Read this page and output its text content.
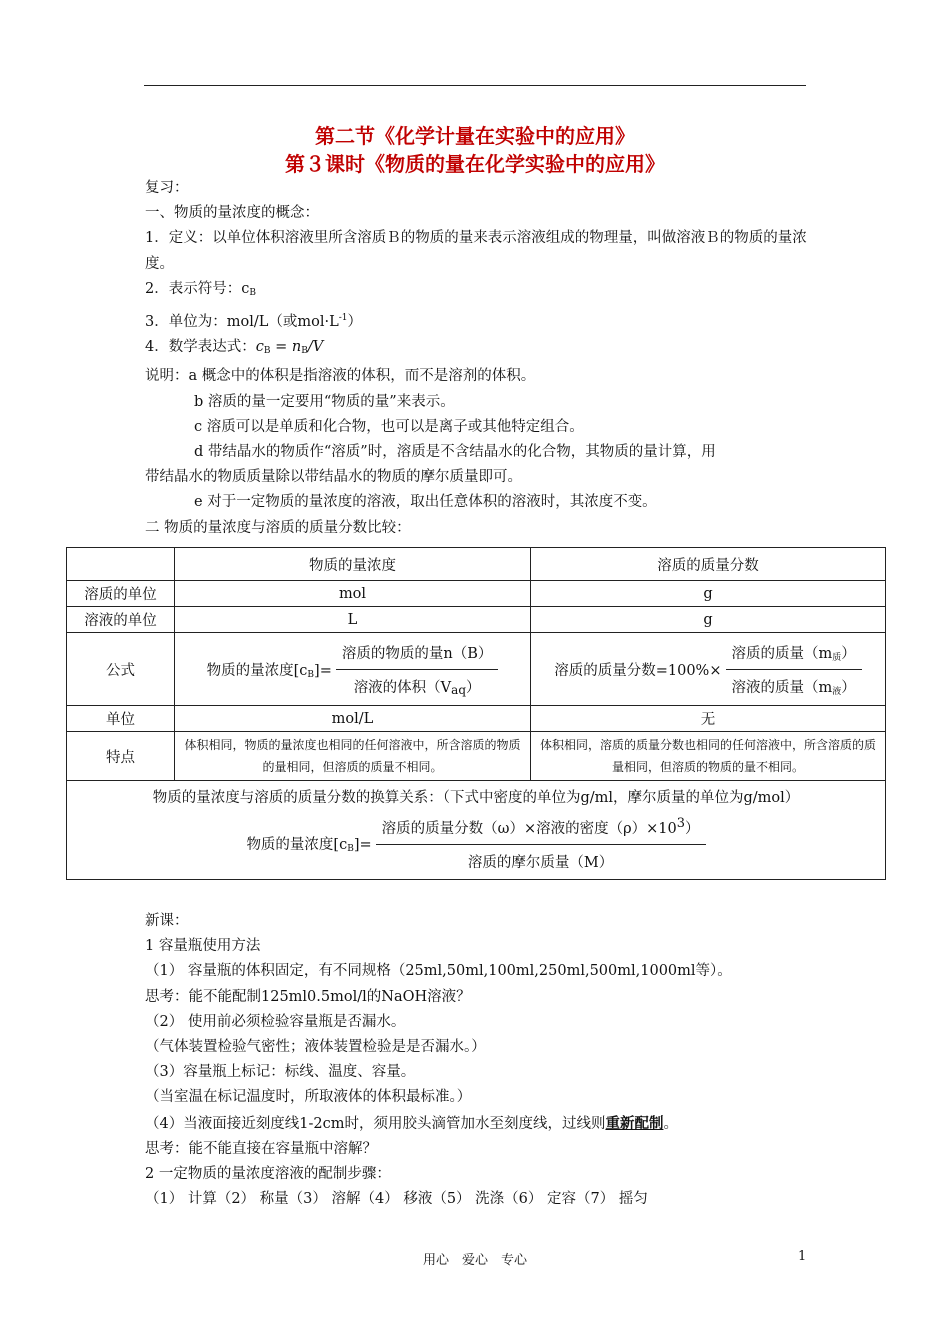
第二节《化学计量在实验中的应用》
第３课时《物质的量在化学实验中的应用》

复习：

一、物质的量浓度的概念：

1．定义：以单位体积溶液里所含溶质Ｂ的物质的量来表示溶液组成的物理量，叫做溶液Ｂ的物质的量浓度。

2．表示符号：$c_B$

3．单位为：mol/L（或$mol\cdot L^{-1}$）

4．数学表达式：$c_B = n_B/V$

说明：a 概念中的体积是指溶液的体积，而不是溶剂的体积。

b 溶质的量一定要用“物质的量”来表示。

c 溶质可以是单质和化合物，也可以是离子或其他特定组合。

d 带结晶水的物质作“溶质”时，溶质是不含结晶水的化合物，其物质的量计算，用

带结晶水的物质质量除以带结晶水的物质的摩尔质量即可。

e 对于一定物质的量浓度的溶液，取出任意体积的溶液时，其浓度不变。

二 物质的量浓度与溶质的质量分数比较：

	物质的量浓度	溶质的质量分数
溶质的单位	mol	g
溶液的单位	L	g
公式	物质的量浓度$[c_B]= \frac{\text{溶质的物质的量n（B）}}{\text{溶液的体积（Vaq）}}$	溶质的质量分数$=100\%\times \frac{溶质的质量(m_质)}{溶液的质量(m_液)}$

单位	mol/L	无
特点	体积相同，物质的量浓度也相同的任何溶液中，所含溶质的物质的量相同，但溶质的质量不相同。	体积相同，溶质的质量分数也相同的任何溶液中，所含溶质的质量相同，但溶质的物质的量不相同。

物质的量浓度与溶质的质量分数的换算关系：（下式中密度的单位为g/ml，摩尔质量的单位为g/mol）
物质的量浓度$[c_B]= \frac{\text{溶质的质量分数（ω）×溶液的密度（ρ）×103）}}{\text{溶质的摩尔质量（M）}}$

新课：

1 容量瓶使用方法

（1） 容量瓶的体积固定，有不同规格（25ml,50ml,100ml,250ml,500ml,1000ml等）。

思考：能不能配制125ml0.5mol/l的NaOH溶液？

（2） 使用前必须检验容量瓶是否漏水。

（气体装置检验气密性；液体装置检验是是否漏水。）

（3）容量瓶上标记：标线、温度、容量。

（当室温在标记温度时，所取液体的体积最标准。）

（4）当液面接近刻度线1-2cm时，须用胶头滴管加水至刻度线，过线则重新配制。

思考：能不能直接在容量瓶中溶解？

2 一定物质的量浓度溶液的配制步骤：

（1） 计算（2） 称量（3） 溶解（4） 移液（5） 洗涤（6） 定容（7） 摇匀

用心　爱心　专心	1
